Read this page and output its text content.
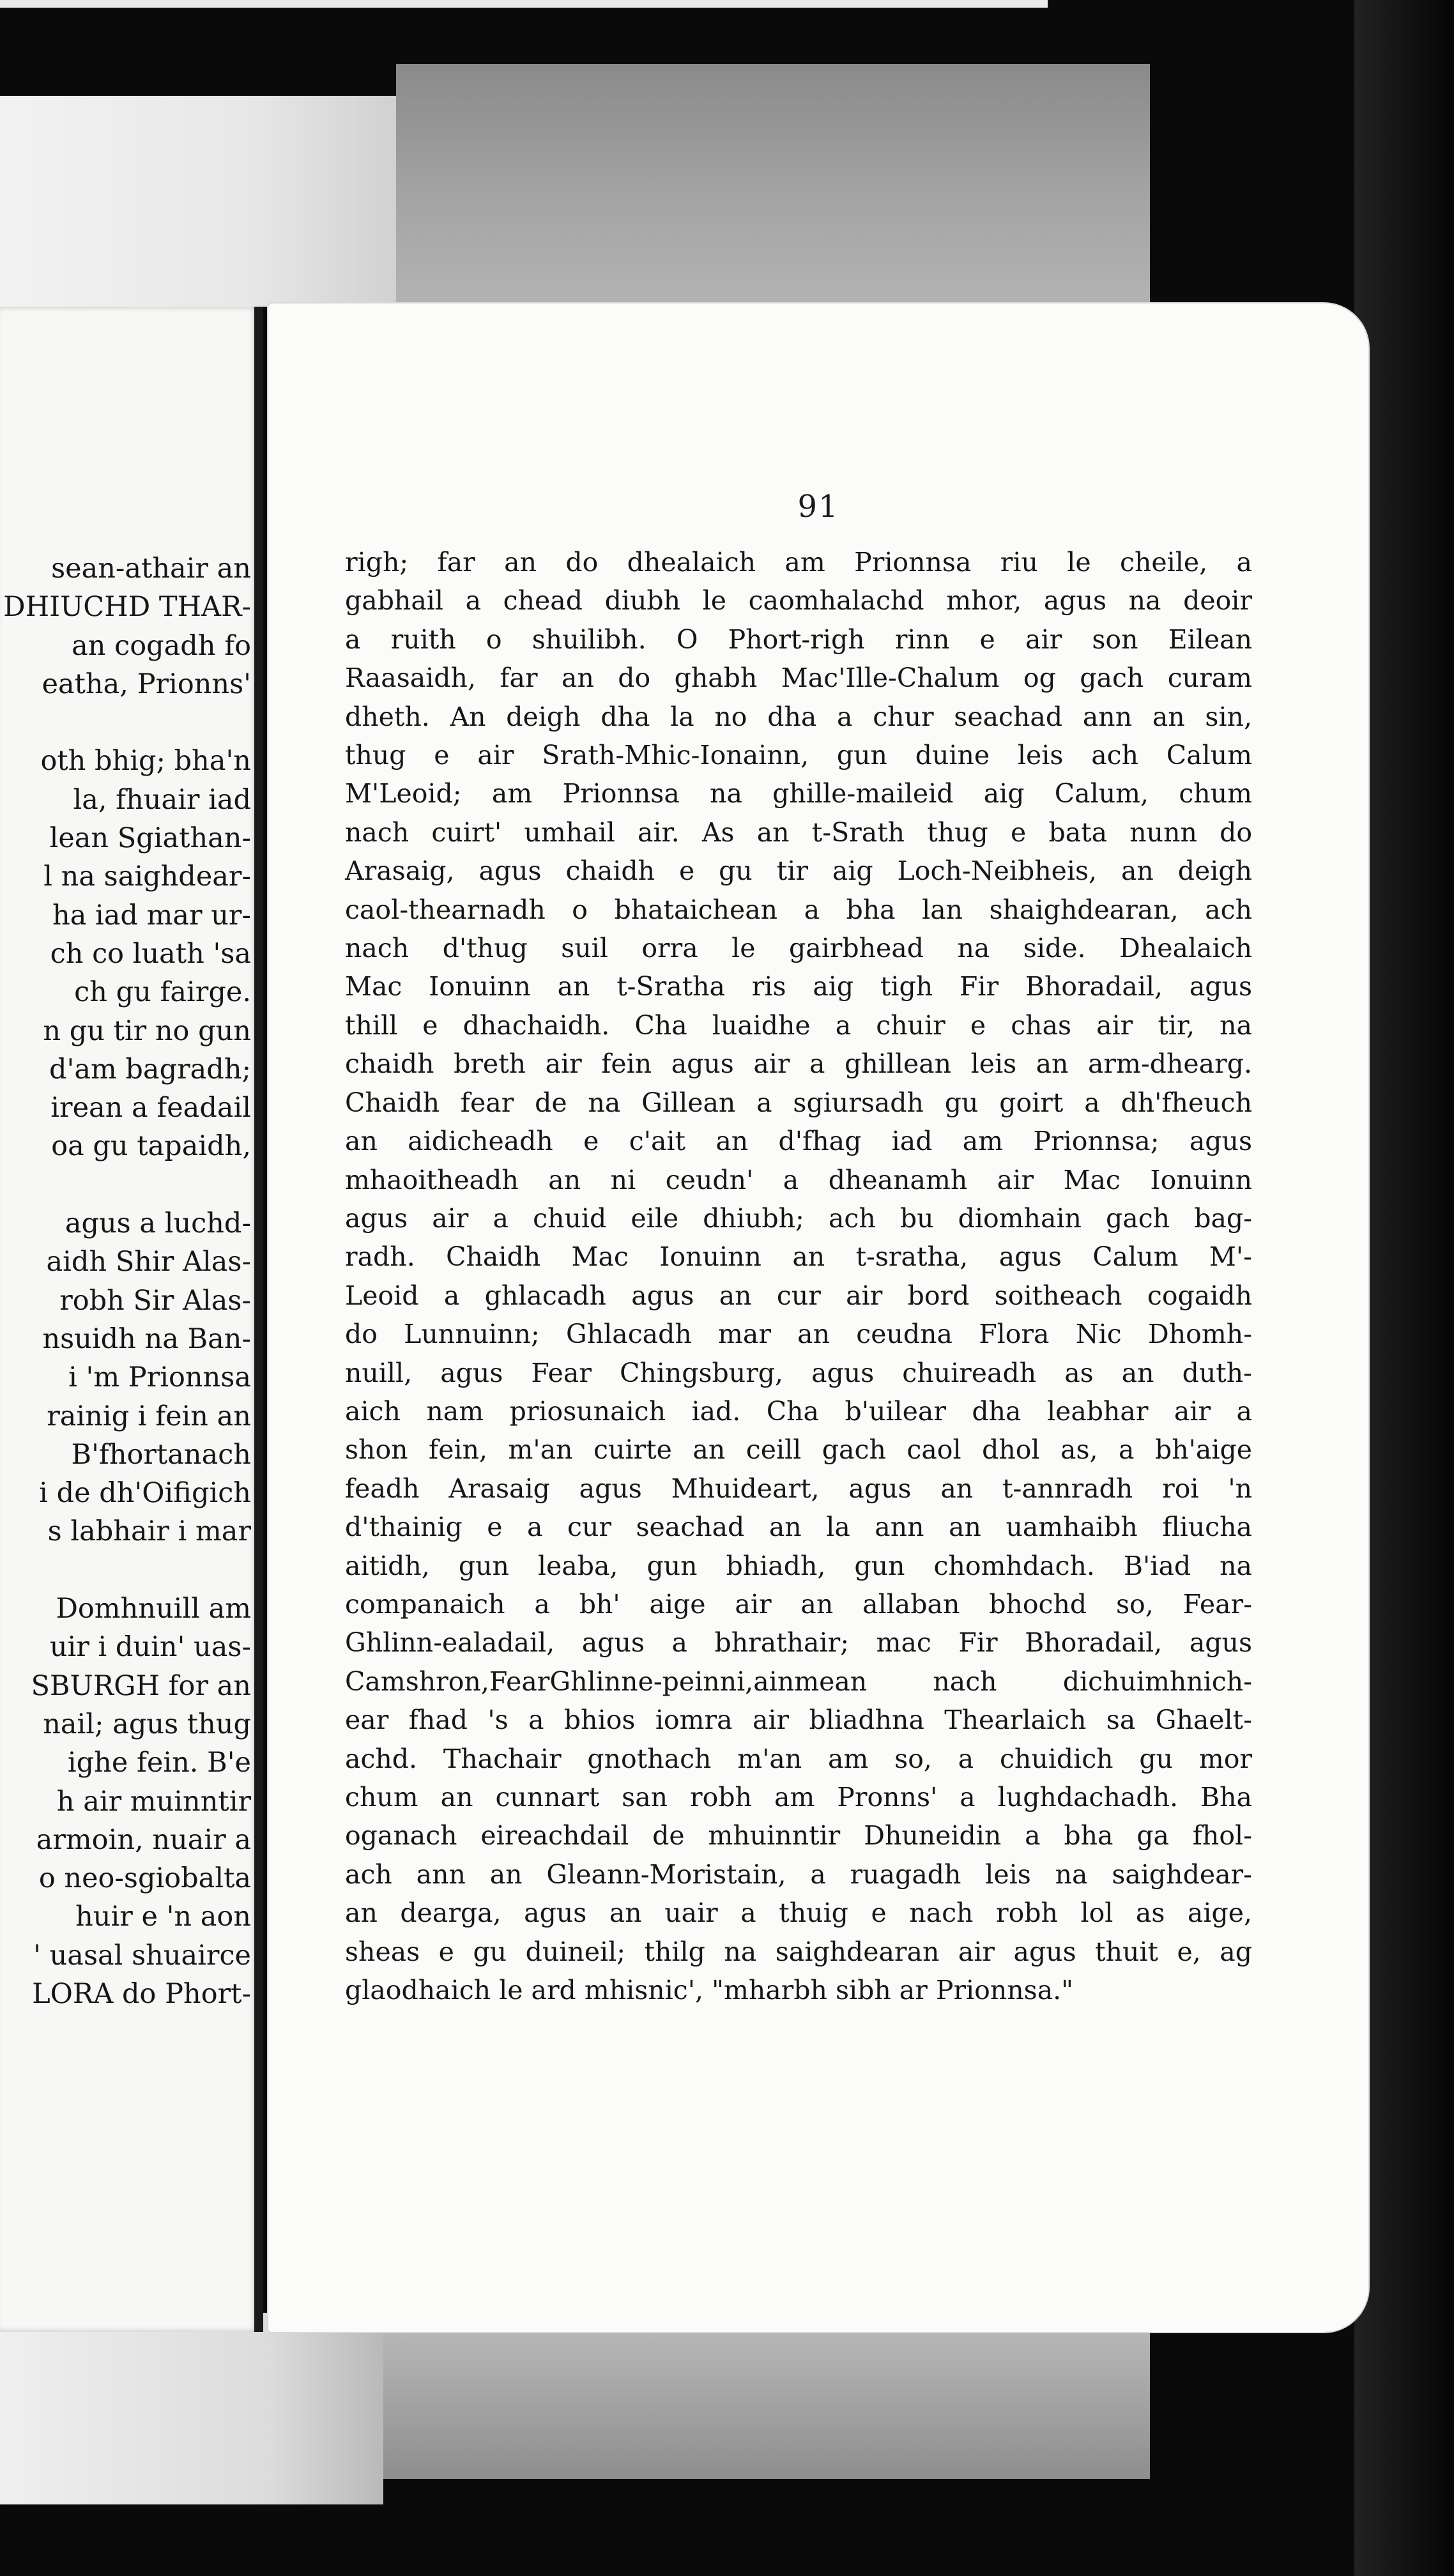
sean-athair an
DHIUCHD THAR-
an cogadh fo
eatha, Prionns'
oth bhig; bha'n
la, fhuair iad
lean Sgiathan-
l na saighdear-
ha iad mar ur-
ch co luath 'sa
ch gu fairge.
n gu tir no gun
d'am bagradh;
irean a feadail
oa gu tapaidh,
agus a luchd-
aidh Shir Alas-
robh Sir Alas-
nsuidh na Ban-
i 'm Prionnsa
rainig i fein an
B'fhortanach
i de dh'Oifigich
s labhair i mar
Domhnuill am
uir i duin' uas-
SBURGH for an
nail; agus thug
ighe fein. B'e
h air muinntir
armoin, nuair a
o neo-sgiobalta
huir e 'n aon
' uasal shuairce
LORA do Phort-
91
righ; far an do dhealaich am Prionnsa riu le cheile, a
gabhail a chead diubh le caomhalachd mhor, agus na deoir
a ruith o shuilibh. O Phort-righ rinn e air son Eilean
Raasaidh, far an do ghabh Mac'Ille-Chalum og gach curam
dheth. An deigh dha la no dha a chur seachad ann an sin,
thug e air Srath-Mhic-Ionainn, gun duine leis ach Calum
M'Leoid; am Prionnsa na ghille-maileid aig Calum, chum
nach cuirt' umhail air. As an t-Srath thug e bata nunn do
Arasaig, agus chaidh e gu tir aig Loch-Neibheis, an deigh
caol-thearnadh o bhataichean a bha lan shaighdearan, ach
nach d'thug suil orra le gairbhead na side. Dhealaich
Mac Ionuinn an t-Sratha ris aig tigh Fir Bhoradail, agus
thill e dhachaidh. Cha luaidhe a chuir e chas air tir, na
chaidh breth air fein agus air a ghillean leis an arm-dhearg.
Chaidh fear de na Gillean a sgiursadh gu goirt a dh'fheuch
an aidicheadh e c'ait an d'fhag iad am Prionnsa; agus
mhaoitheadh an ni ceudn' a dheanamh air Mac Ionuinn
agus air a chuid eile dhiubh; ach bu diomhain gach bag-
radh. Chaidh Mac Ionuinn an t-sratha, agus Calum M'-
Leoid a ghlacadh agus an cur air bord soitheach cogaidh
do Lunnuinn; Ghlacadh mar an ceudna Flora Nic Dhomh-
nuill, agus Fear Chingsburg, agus chuireadh as an duth-
aich nam priosunaich iad. Cha b'uilear dha leabhar air a
shon fein, m'an cuirte an ceill gach caol dhol as, a bh'aige
feadh Arasaig agus Mhuideart, agus an t-annradh roi 'n
d'thainig e a cur seachad an la ann an uamhaibh fliucha
aitidh, gun leaba, gun bhiadh, gun chomhdach. B'iad na
companaich a bh' aige air an allaban bhochd so, Fear-
Ghlinn-ealadail, agus a bhrathair; mac Fir Bhoradail, agus
Camshron,FearGhlinne-peinni,ainmean nach dichuimhnich-
ear fhad 's a bhios iomra air bliadhna Thearlaich sa Ghaelt-
achd. Thachair gnothach m'an am so, a chuidich gu mor
chum an cunnart san robh am Pronns' a lughdachadh. Bha
oganach eireachdail de mhuinntir Dhuneidin a bha ga fhol-
ach ann an Gleann-Moristain, a ruagadh leis na saighdear-
an dearga, agus an uair a thuig e nach robh lol as aige,
sheas e gu duineil; thilg na saighdearan air agus thuit e, ag
glaodhaich le ard mhisnic', "mharbh sibh ar Prionnsa."
